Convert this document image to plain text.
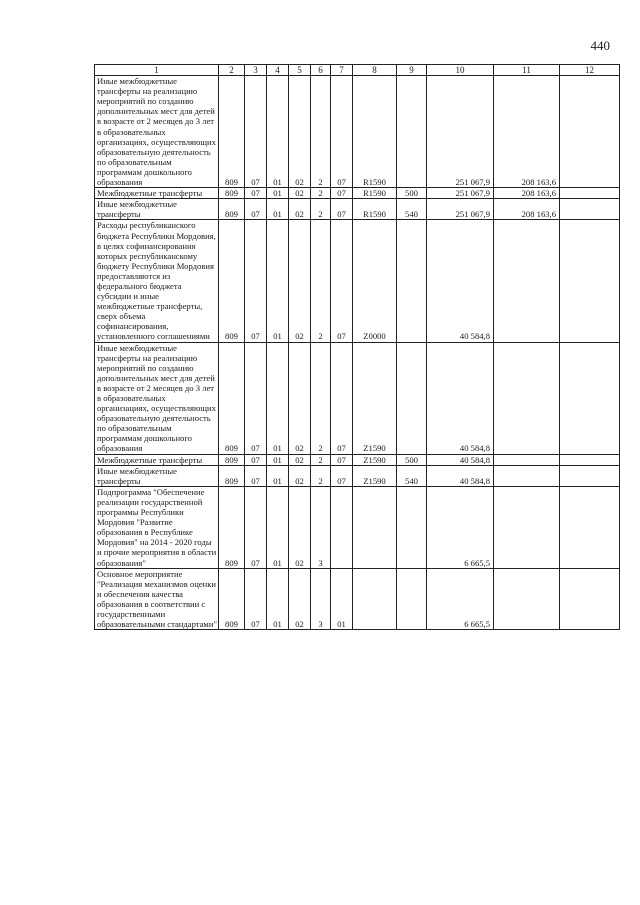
440
1	2	3	4	5	6	7	8	9	10	11	12
Иные межбюджетные трансферты на реализацию мероприятий по созданию дополнительных мест для детей в возрасте от 2 месяцев до 3 лет в образовательных организациях, осуществляющих образовательную деятельность по образовательным программам дошкольного образования	809	07	01	02	2	07	R1590		251 067,9	208 163,6	
Межбюджетные трансферты	809	07	01	02	2	07	R1590	500	251 067,9	208 163,6	
Иные межбюджетные трансферты	809	07	01	02	2	07	R1590	540	251 067,9	208 163,6	
Расходы республиканского бюджета Республики Мордовия, в целях софинансирования которых республиканскому бюджету Республики Мордовия предоставляются из федерального бюджета субсидии и иные межбюджетные трансферты, сверх объема софинансирования, установленного соглашениями	809	07	01	02	2	07	Z0000		40 584,8		
Иные межбюджетные трансферты на реализацию мероприятий по созданию дополнительных мест для детей в возрасте от 2 месяцев до 3 лет в образовательных организациях, осуществляющих образовательную деятельность по образовательным программам дошкольного образования	809	07	01	02	2	07	Z1590		40 584,8		
Межбюджетные трансферты	809	07	01	02	2	07	Z1590	500	40 584,8		
Иные межбюджетные трансферты	809	07	01	02	2	07	Z1590	540	40 584,8		
Подпрограмма "Обеспечение реализации государственной программы Республики Мордовия "Развитие образования в Республике Мордовия" на 2014 - 2020 годы и прочие мероприятия в области образования"	809	07	01	02	3				6 665,5		
Основное мероприятие "Реализация механизмов оценки и обеспечения качества образования в соответствии с государственными образовательными стандартами"	809	07	01	02	3	01			6 665,5		
